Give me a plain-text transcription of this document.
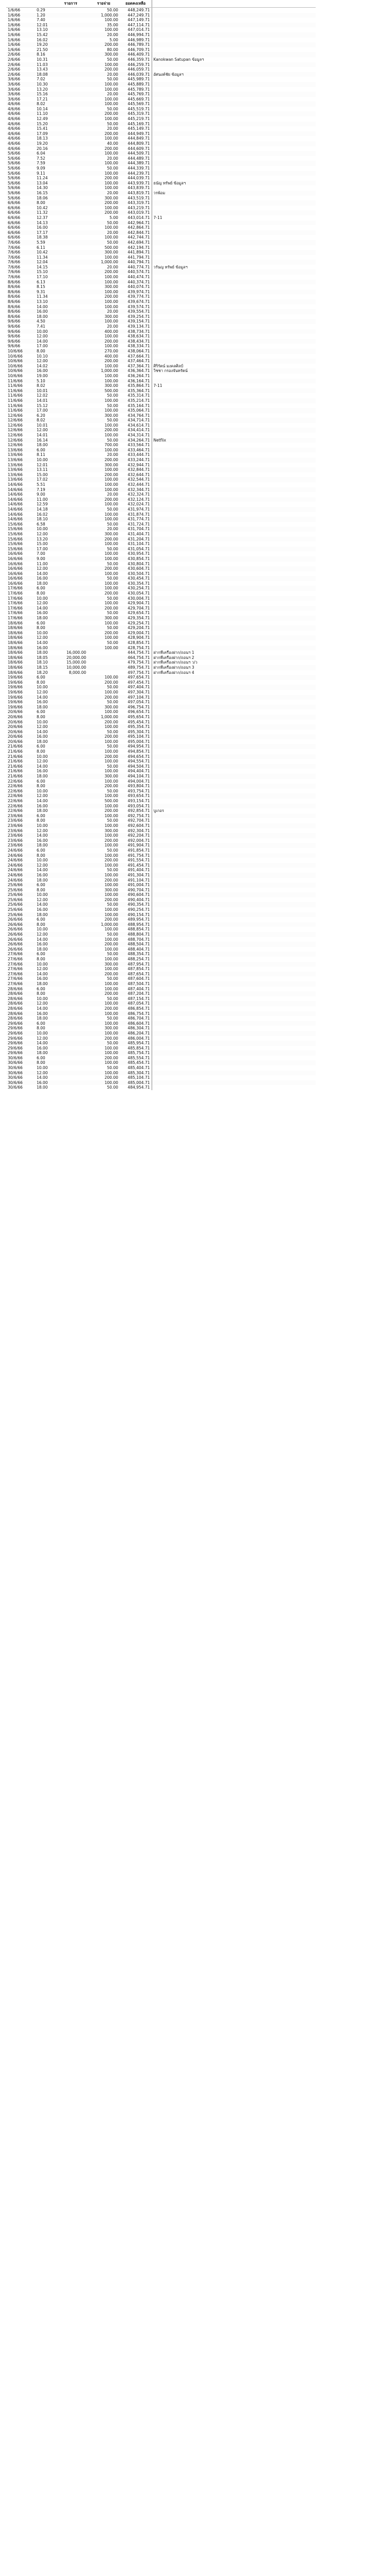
		รายการ	รายจ่าย	ยอดคงเหลือ	
1/6/66	0.29		50.00	448,249.71	
1/6/66	1.20		1,000.00	447,249.71	
1/6/66	7.40		100.00	447,149.71	
1/6/66	12.01		35.00	447,114.71	
1/6/66	13.10		100.00	447,014.71	
1/6/66	15.42		20.00	446,994.71	
1/6/66	16.02		5.00	446,989.71	
1/6/66	19.20		200.00	446,789.71	
1/6/66	21.50		80.00	446,709.71	
2/6/66	8.16		300.00	446,409.71	
2/6/66	10.31		50.00	446,359.71	Kanokwan Satupan ข้อมูลฯ
2/6/66	11.03		100.00	446,259.71	
2/6/66	13.43		200.00	446,059.71	
2/6/66	18.08		20.00	446,039.71	อัศนงค์ชัย ข้อมูลฯ
3/6/66	7.02		50.00	445,989.71	
3/6/66	10.30		100.00	445,889.71	
3/6/66	13.20		100.00	445,789.71	
3/6/66	15.16		20.00	445,769.71	
3/6/66	17.21		100.00	445,669.71	
4/6/66	8.02		100.00	445,569.71	
4/6/66	10.14		50.00	445,519.71	
4/6/66	11.10		200.00	445,319.71	
4/6/66	12.49		100.00	445,219.71	
4/6/66	15.20		50.00	445,169.71	
4/6/66	15.41		20.00	445,149.71	
4/6/66	17.09		200.00	444,949.71	
4/6/66	18.13		100.00	444,849.71	
4/6/66	19.20		40.00	444,809.71	
4/6/66	20.16		200.00	444,609.71	
5/6/66	6.04		100.00	444,509.71	
5/6/66	7.52		20.00	444,489.71	
5/6/66	7.59		100.00	444,389.71	
5/6/66	9.09		50.00	444,339.71	
5/6/66	9.11		100.00	444,239.71	
5/6/66	11.24		200.00	444,039.71	
5/6/66	13.04		100.00	443,939.71	ธนัญ ทรัพย์ ข้อมูลฯ
5/6/66	14.30		100.00	443,839.71	
5/6/66	16.15		20.00	443,819.71	วรพ้อม
5/6/66	18.06		300.00	443,519.71	
6/6/66	8.00		200.00	443,319.71	
6/6/66	10.42		100.00	443,219.71	
6/6/66	11.32		200.00	443,019.71	
6/6/66	12.37		5.00	443,014.71	7-11
6/6/66	14.13		50.00	442,964.71	
6/6/66	16.00		100.00	442,864.71	
6/6/66	17.17		20.00	442,844.71	
6/6/66	18.38		100.00	442,744.71	
7/6/66	5.59		50.00	442,694.71	
7/6/66	6.11		500.00	442,194.71	
7/6/66	10.42		300.00	441,894.71	
7/6/66	11.34		100.00	441,794.71	
7/6/66	12.04		1,000.00	440,794.71	
7/6/66	14.15		20.00	440,774.71	วรันญ ทรัพย์ ข้อมูลฯ
7/6/66	15.10		200.00	440,574.71	
7/6/66	17.10		100.00	440,474.71	
8/6/66	6.13		100.00	440,374.71	
8/6/66	8.15		300.00	440,074.71	
8/6/66	9.31		100.00	439,974.71	
8/6/66	11.34		200.00	439,774.71	
8/6/66	13.10		100.00	439,674.71	
8/6/66	14.00		100.00	439,574.71	
8/6/66	16.00		20.00	439,554.71	
8/6/66	18.00		300.00	439,254.71	
9/6/66	4.50		100.00	439,154.71	
9/6/66	7.41		20.00	439,134.71	
9/6/66	10.00		400.00	438,734.71	
9/6/66	12.00		100.00	438,634.71	
9/6/66	14.00		200.00	438,434.71	
9/6/66	17.00		100.00	438,334.71	
10/6/66	8.00		270.00	438,064.71	
10/6/66	10.10		400.00	437,664.71	
10/6/66	12.00		200.00	437,464.71	
10/6/66	14.02		100.00	437,364.71	ศิริรัตน์ มงคลศิลป์
10/6/66	16.00		1,000.00	436,364.71	วิชชา กรองจันทรัตน์
10/6/66	19.00		100.00	436,264.71	
11/6/66	5.10		100.00	436,164.71	
11/6/66	8.02		300.00	435,864.71	7-11
11/6/66	10.01		500.00	435,364.71	
11/6/66	12.02		50.00	435,314.71	
11/6/66	14.01		100.00	435,214.71	
11/6/66	15.12		50.00	435,164.71	
11/6/66	17.00		100.00	435,064.71	
12/6/66	6.20		300.00	434,764.71	
12/6/66	8.02		50.00	434,714.71	
12/6/66	10.01		100.00	434,614.71	
12/6/66	12.00		200.00	434,414.71	
12/6/66	14.01		100.00	434,314.71	
12/6/66	16.14		50.00	434,264.71	Netflix
12/6/66	18.00		700.00	433,564.71	
13/6/66	6.00		100.00	433,464.71	
13/6/66	8.11		20.00	433,444.71	
13/6/66	10.00		200.00	433,244.71	
13/6/66	12.01		300.00	432,944.71	
13/6/66	13.11		100.00	432,844.71	
13/6/66	15.00		200.00	432,644.71	
13/6/66	17.02		100.00	432,544.71	
14/6/66	5.51		100.00	432,444.71	
14/6/66	7.19		100.00	432,344.71	
14/6/66	9.00		20.00	432,324.71	
14/6/66	11.00		200.00	432,124.71	
14/6/66	12.59		100.00	432,024.71	
14/6/66	14.18		50.00	431,974.71	
14/6/66	16.02		100.00	431,874.71	
14/6/66	18.10		100.00	431,774.71	
15/6/66	6.58		50.00	431,724.71	
15/6/66	10.00		20.00	431,704.71	
15/6/66	12.00		300.00	431,404.71	
15/6/66	13.20		200.00	431,204.71	
15/6/66	15.00		100.00	431,104.71	
15/6/66	17.00		50.00	431,054.71	
16/6/66	7.00		100.00	430,954.71	
16/6/66	9.00		100.00	430,854.71	
16/6/66	11.00		50.00	430,804.71	
16/6/66	12.00		200.00	430,604.71	
16/6/66	14.00		100.00	430,504.71	
16/6/66	16.00		50.00	430,454.71	
16/6/66	18.00		100.00	430,354.71	
17/6/66	6.00		100.00	430,254.71	
17/6/66	8.00		200.00	430,054.71	
17/6/66	10.00		50.00	430,004.71	
17/6/66	12.00		100.00	429,904.71	
17/6/66	14.00		200.00	429,704.71	
17/6/66	16.00		50.00	429,654.71	
17/6/66	18.00		300.00	429,354.71	
18/6/66	6.00		100.00	429,254.71	
18/6/66	8.00		50.00	429,204.71	
18/6/66	10.00		200.00	429,004.71	
18/6/66	12.00		100.00	428,904.71	
18/6/66	14.00		50.00	428,854.71	
18/6/66	16.00		100.00	428,754.71	
18/6/66	18.00	16,000.00		444,754.71	ฝากที่เครื่องฝาก/ถอนฯ 1
18/6/66	18.05	20,000.00		464,754.71	ฝากที่เครื่องฝาก/ถอนฯ 2
18/6/66	18.10	15,000.00		479,754.71	ฝากที่เครื่องฝาก/ถอนฯ ว/ว
18/6/66	18.15	10,000.00		489,754.71	ฝากที่เครื่องฝาก/ถอนฯ 3
18/6/66	18.20	8,000.00		497,754.71	ฝากที่เครื่องฝาก/ถอนฯ 4
19/6/66	6.00		100.00	497,654.71	
19/6/66	8.00		200.00	497,454.71	
19/6/66	10.00		50.00	497,404.71	
19/6/66	12.00		100.00	497,304.71	
19/6/66	14.00		200.00	497,104.71	
19/6/66	16.00		50.00	497,054.71	
19/6/66	18.00		300.00	496,754.71	
20/6/66	6.00		100.00	496,654.71	
20/6/66	8.00		1,000.00	495,654.71	
20/6/66	10.00		200.00	495,454.71	
20/6/66	12.00		100.00	495,354.71	
20/6/66	14.00		50.00	495,304.71	
20/6/66	16.00		200.00	495,104.71	
20/6/66	18.00		100.00	495,004.71	
21/6/66	6.00		50.00	494,954.71	
21/6/66	8.00		100.00	494,854.71	
21/6/66	10.00		200.00	494,654.71	
21/6/66	12.00		100.00	494,554.71	
21/6/66	14.00		50.00	494,504.71	
21/6/66	16.00		100.00	494,404.71	
21/6/66	18.00		300.00	494,104.71	
22/6/66	6.00		100.00	494,004.71	
22/6/66	8.00		200.00	493,804.71	
22/6/66	10.00		50.00	493,754.71	
22/6/66	12.00		100.00	493,654.71	
22/6/66	14.00		500.00	493,154.71	
22/6/66	16.00		100.00	493,054.71	
22/6/66	18.00		200.00	492,854.71	บูเกอร
23/6/66	6.00		100.00	492,754.71	
23/6/66	8.00		50.00	492,704.71	
23/6/66	10.00		100.00	492,604.71	
23/6/66	12.00		300.00	492,304.71	
23/6/66	14.00		100.00	492,204.71	
23/6/66	16.00		200.00	492,004.71	
23/6/66	18.00		100.00	491,904.71	
24/6/66	6.00		50.00	491,854.71	
24/6/66	8.00		100.00	491,754.71	
24/6/66	10.00		200.00	491,554.71	
24/6/66	12.00		100.00	491,454.71	
24/6/66	14.00		50.00	491,404.71	
24/6/66	16.00		100.00	491,304.71	
24/6/66	18.00		200.00	491,104.71	
25/6/66	6.00		100.00	491,004.71	
25/6/66	8.00		300.00	490,704.71	
25/6/66	10.00		100.00	490,604.71	
25/6/66	12.00		200.00	490,404.71	
25/6/66	14.00		50.00	490,354.71	
25/6/66	16.00		100.00	490,254.71	
25/6/66	18.00		100.00	490,154.71	
26/6/66	6.00		200.00	489,954.71	
26/6/66	8.00		1,000.00	488,954.71	
26/6/66	10.00		100.00	488,854.71	
26/6/66	12.00		50.00	488,804.71	
26/6/66	14.00		100.00	488,704.71	
26/6/66	16.00		200.00	488,504.71	
26/6/66	18.00		100.00	488,404.71	
27/6/66	6.00		50.00	488,354.71	
27/6/66	8.00		100.00	488,254.71	
27/6/66	10.00		300.00	487,954.71	
27/6/66	12.00		100.00	487,854.71	
27/6/66	14.00		200.00	487,654.71	
27/6/66	16.00		50.00	487,604.71	
27/6/66	18.00		100.00	487,504.71	
28/6/66	6.00		100.00	487,404.71	
28/6/66	8.00		200.00	487,204.71	
28/6/66	10.00		50.00	487,154.71	
28/6/66	12.00		100.00	487,054.71	
28/6/66	14.00		200.00	486,854.71	
28/6/66	16.00		100.00	486,754.71	
28/6/66	18.00		50.00	486,704.71	
29/6/66	6.00		100.00	486,604.71	
29/6/66	8.00		300.00	486,304.71	
29/6/66	10.00		100.00	486,204.71	
29/6/66	12.00		200.00	486,004.71	
29/6/66	14.00		50.00	485,954.71	
29/6/66	16.00		100.00	485,854.71	
29/6/66	18.00		100.00	485,754.71	
30/6/66	6.00		200.00	485,554.71	
30/6/66	8.00		100.00	485,454.71	
30/6/66	10.00		50.00	485,404.71	
30/6/66	12.00		100.00	485,304.71	
30/6/66	14.00		200.00	485,104.71	
30/6/66	16.00		100.00	485,004.71	
30/6/66	18.00		50.00	484,954.71	
